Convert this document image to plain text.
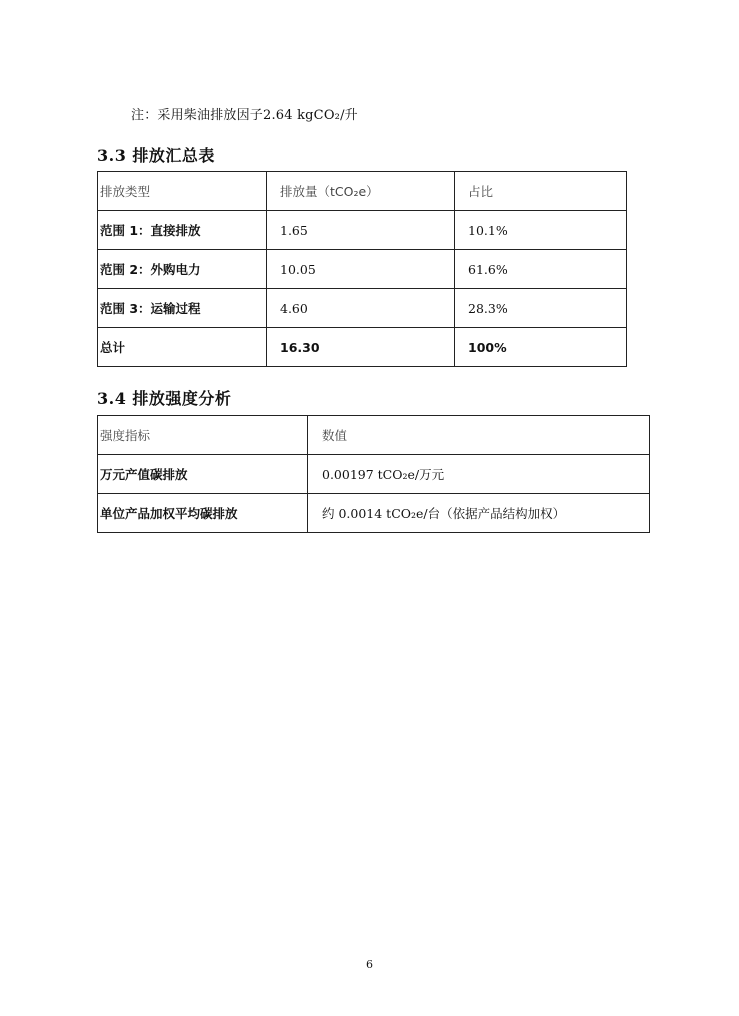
注：采用柴油排放因子2.64 kgCO₂/升
3.3 排放汇总表
排放类型	排放量（tCO₂e）	占比
范围 1：直接排放	1.65	10.1%
范围 2：外购电力	10.05	61.6%
范围 3：运输过程	4.60	28.3%
总计	16.30	100%
3.4 排放强度分析
强度指标	数值
万元产值碳排放	0.00197 tCO₂e/万元
单位产品加权平均碳排放	约 0.0014 tCO₂e/台（依据产品结构加权）
6
